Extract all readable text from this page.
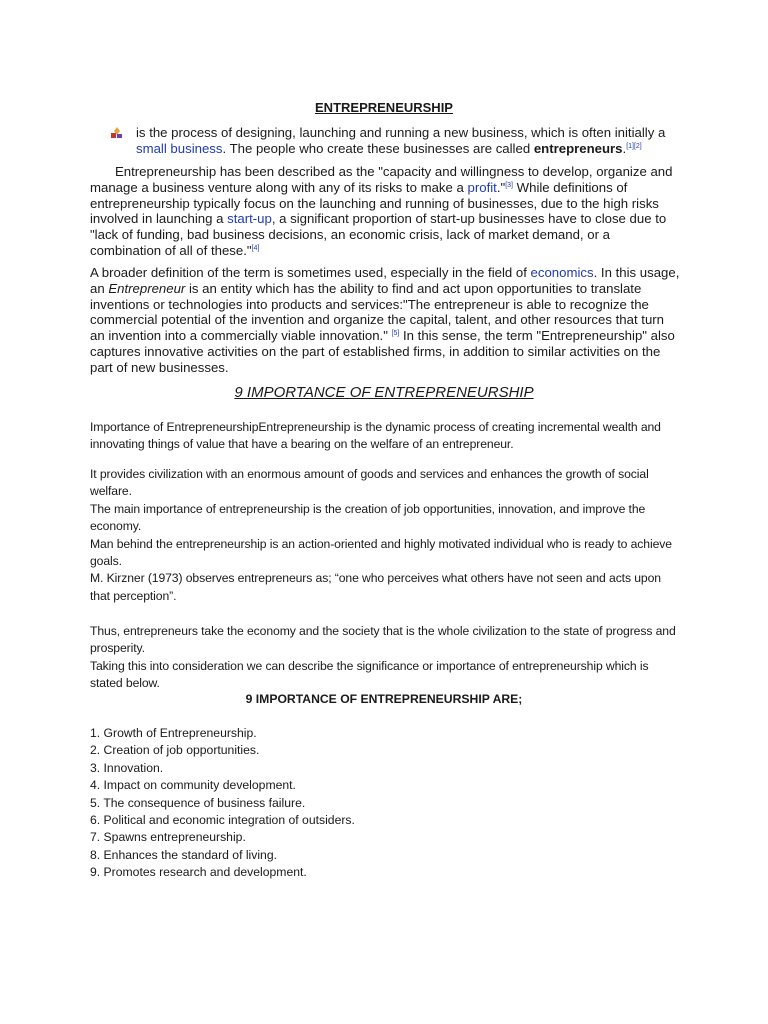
ENTREPRENEURSHIP
is the process of designing, launching and running a new business, which is often initially a small business. The people who create these businesses are called entrepreneurs.[1][2]

Entrepreneurship has been described as the "capacity and willingness to develop, organize and manage a business venture along with any of its risks to make a profit."[3] While definitions of entrepreneurship typically focus on the launching and running of businesses, due to the high risks involved in launching a start-up, a significant proportion of start-up businesses have to close due to "lack of funding, bad business decisions, an economic crisis, lack of market demand, or a combination of all of these."[4]

A broader definition of the term is sometimes used, especially in the field of economics. In this usage, an Entrepreneur is an entity which has the ability to find and act upon opportunities to translate inventions or technologies into products and services:"The entrepreneur is able to recognize the commercial potential of the invention and organize the capital, talent, and other resources that turn an invention into a commercially viable innovation." [5] In this sense, the term "Entrepreneurship" also captures innovative activities on the part of established firms, in addition to similar activities on the part of new businesses.

9 IMPORTANCE OF ENTREPRENEURSHIP

Importance of EntrepreneurshipEntrepreneurship is the dynamic process of creating incremental wealth and innovating things of value that have a bearing on the welfare of an entrepreneur.

It provides civilization with an enormous amount of goods and services and enhances the growth of social welfare.
The main importance of entrepreneurship is the creation of job opportunities, innovation, and improve the economy.
Man behind the entrepreneurship is an action-oriented and highly motivated individual who is ready to achieve goals.
M. Kirzner (1973) observes entrepreneurs as; “one who perceives what others have not seen and acts upon that perception”.
Thus, entrepreneurs take the economy and the society that is the whole civilization to the state of progress and prosperity.
Taking this into consideration we can describe the significance or importance of entrepreneurship which is stated below.
9 IMPORTANCE OF ENTREPRENEURSHIP ARE;
1. Growth of Entrepreneurship.
2. Creation of job opportunities.
3. Innovation.
4. Impact on community development.
5. The consequence of business failure.
6. Political and economic integration of outsiders.
7. Spawns entrepreneurship.
8. Enhances the standard of living.
9. Promotes research and development.
